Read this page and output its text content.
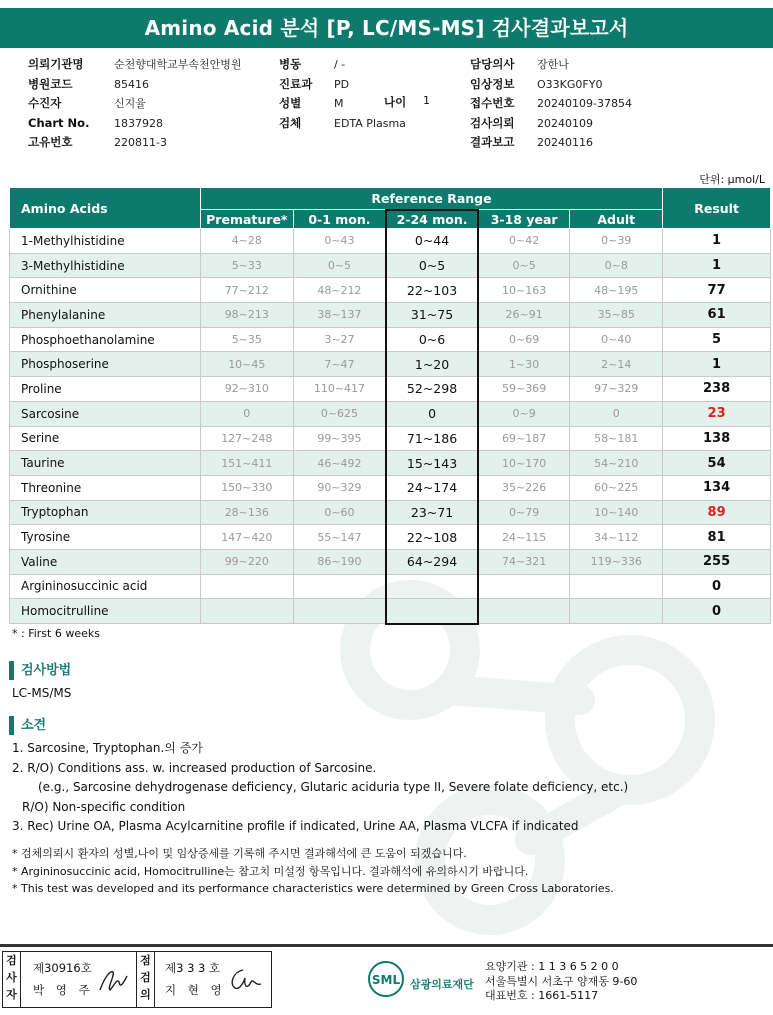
Amino Acid 분석 [P, LC/MS-MS] 검사결과보고서
의뢰기관명	순천향대학교부속천안병원
병원코드	85416
수진자	신지율
Chart No. 1837928
고유번호	220811-3
병동	/ -
진료과 PD
성별	M
검체	EDTA Plasma
나이 1
담당의사 장한나
임상정보 O33KG0FY0
접수번호 20240109-37854
검사의뢰 20240109
결과보고 20240116
단위: μmol/L
Amino Acids	Reference Range					Result
	Premature*	0-1 mon.	2-24 mon.	3-18 year	Adult	
1-Methylhistidine	4~28	0~43	0~44	0~42	0~39	1
3-Methylhistidine	5~33	0~5	0~5	0~5	0~8	1
Ornithine	77~212	48~212	22~103	10~163	48~195	77
Phenylalanine	98~213	38~137	31~75	26~91	35~85	61
Phosphoethanolamine	5~35	3~27	0~6	0~69	0~40	5
Phosphoserine	10~45	7~47	1~20	1~30	2~14	1
Proline	92~310	110~417	52~298	59~369	97~329	238
Sarcosine	0	0~625	0	0~9	0	23
Serine	127~248	99~395	71~186	69~187	58~181	138
Taurine	151~411	46~492	15~143	10~170	54~210	54
Threonine	150~330	90~329	24~174	35~226	60~225	134
Tryptophan	28~136	0~60	23~71	0~79	10~140	89
Tyrosine	147~420	55~147	22~108	24~115	34~112	81
Valine	99~220	86~190	64~294	74~321	119~336	255
Argininosuccinic acid						0
Homocitrulline						0
* : First 6 weeks
검사방법
LC-MS/MS
소견
1. Sarcosine, Tryptophan.의 증가
2. R/O) Conditions ass. w. increased production of Sarcosine.
(e.g., Sarcosine dehydrogenase deficiency, Glutaric aciduria type II, Severe folate deficiency, etc.)
R/O) Non-specific condition
3. Rec) Urine OA, Plasma Acylcarnitine profile if indicated, Urine AA, Plasma VLCFA if indicated
* 검체의뢰시 환자의 성별,나이 및 임상증세를 기록해 주시면 결과해석에 큰 도움이 되겠습니다.
* Argininosuccinic acid, Homocitrulline는 참고치 미설정 항목입니다. 결과해석에 유의하시기 바랍니다.
* This test was developed and its performance characteristics were determined by Green Cross Laboratories.
검
사
자
제30916호
박 영 주
점
검
의
제3 3 3 호
지 현 영
SML 삼광의료재단
요양기관 : 1 1 3 6 5 2 0 0
서울특별시 서초구 양재동 9-60
대표번호 : 1661-5117
